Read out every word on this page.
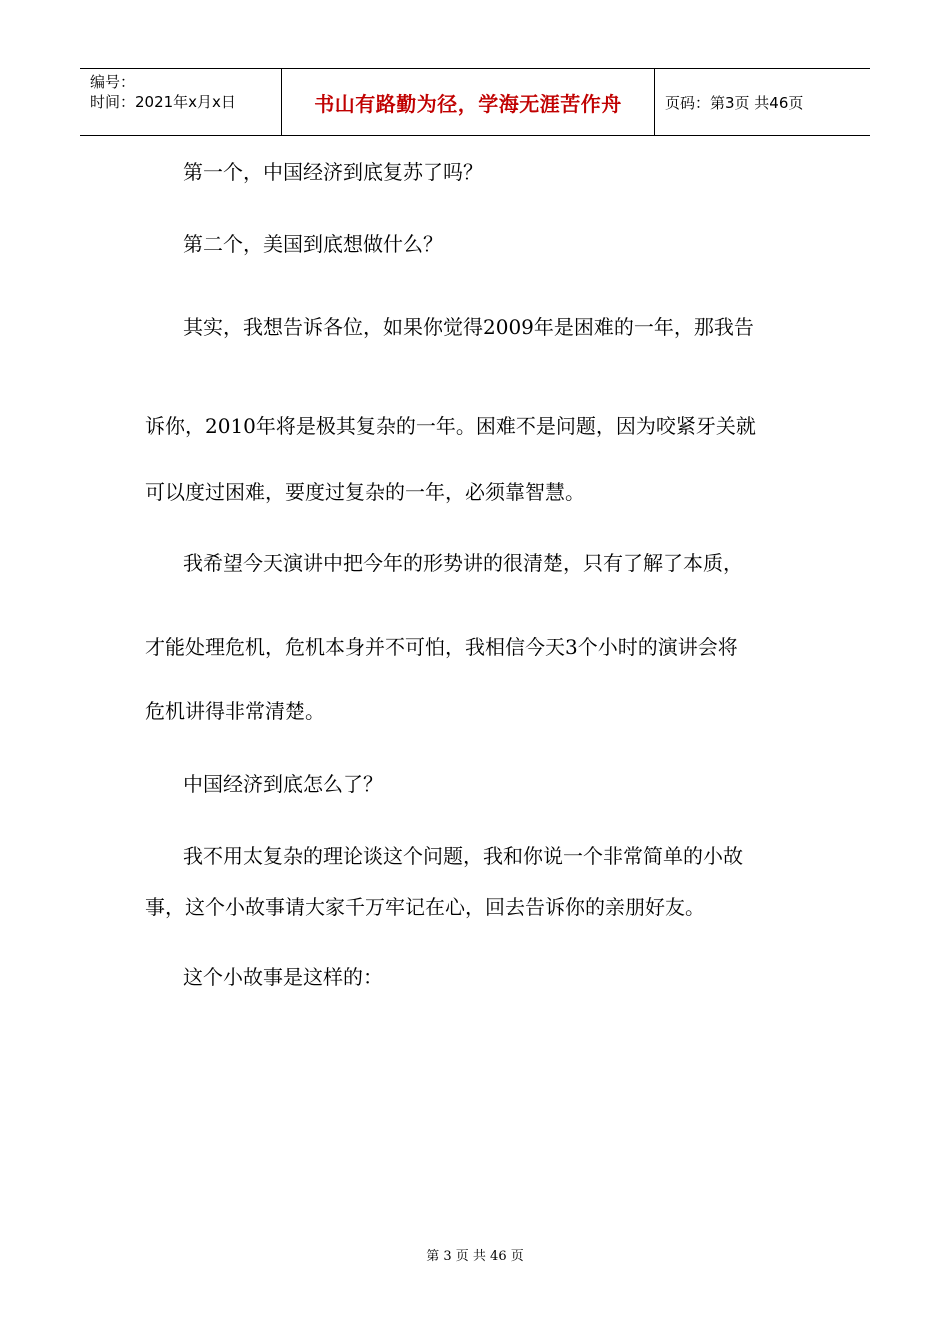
编号：
时间：2021年x月x日	书山有路勤为径，学海无涯苦作舟	页码：第3页 共46页
第一个，中国经济到底复苏了吗？
第二个，美国到底想做什么？
其实，我想告诉各位，如果你觉得2009年是困难的一年，那我告
诉你，2010年将是极其复杂的一年。困难不是问题，因为咬紧牙关就
可以度过困难，要度过复杂的一年，必须靠智慧。
我希望今天演讲中把今年的形势讲的很清楚，只有了解了本质，
才能处理危机，危机本身并不可怕，我相信今天3个小时的演讲会将
危机讲得非常清楚。
中国经济到底怎么了？
我不用太复杂的理论谈这个问题，我和你说一个非常简单的小故
事，这个小故事请大家千万牢记在心，回去告诉你的亲朋好友。
这个小故事是这样的：
第 3 页 共 46 页
